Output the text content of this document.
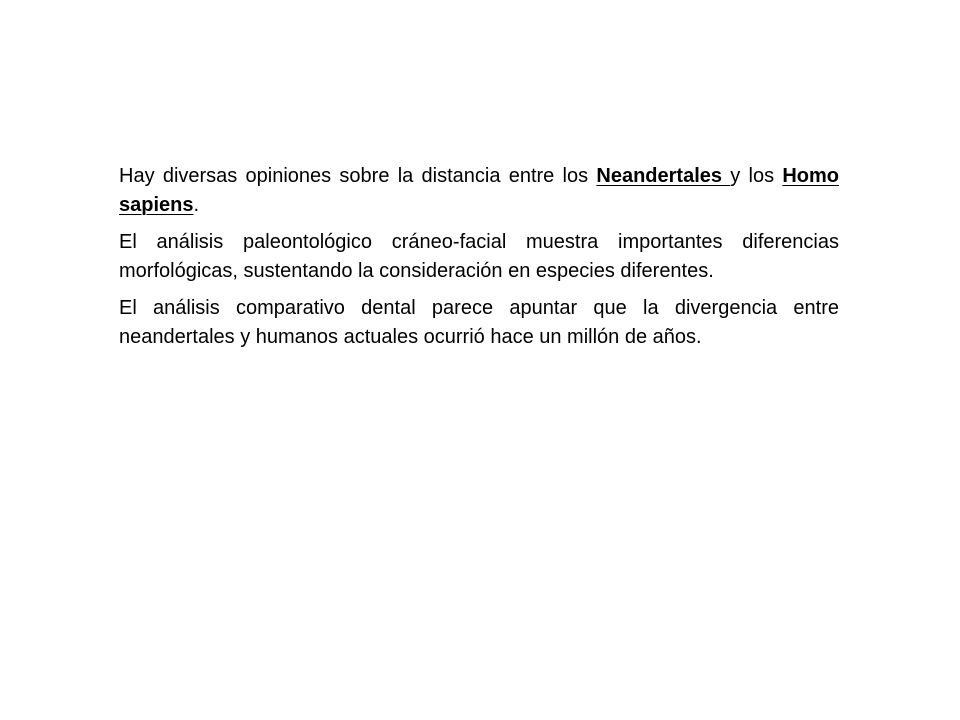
Hay diversas opiniones sobre la distancia entre los Neandertales y los Homo sapiens.

El análisis paleontológico cráneo-facial muestra importantes diferencias morfológicas, sustentando la consideración en especies diferentes.

El análisis comparativo dental parece apuntar que la divergencia entre neandertales y humanos actuales ocurrió hace un millón de años.
